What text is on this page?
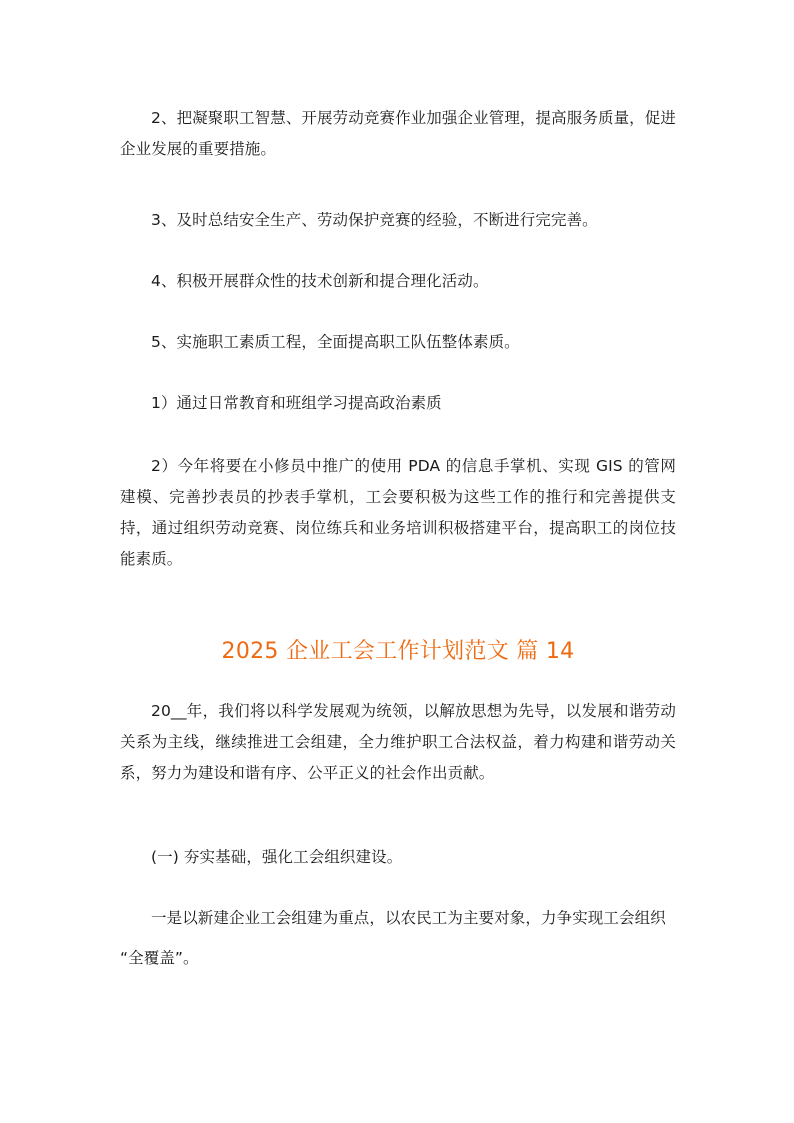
2、把凝聚职工智慧、开展劳动竞赛作业加强企业管理，提高服务质量，促进企业发展的重要措施。

3、及时总结安全生产、劳动保护竞赛的经验，不断进行完完善。

4、积极开展群众性的技术创新和提合理化活动。

5、实施职工素质工程，全面提高职工队伍整体素质。

1）通过日常教育和班组学习提高政治素质

2）今年将要在小修员中推广的使用 PDA 的信息手掌机、实现 GIS 的管网建模、完善抄表员的抄表手掌机，工会要积极为这些工作的推行和完善提供支持，通过组织劳动竞赛、岗位练兵和业务培训积极搭建平台，提高职工的岗位技能素质。

2025 企业工会工作计划范文 篇 14

20__年，我们将以科学发展观为统领，以解放思想为先导，以发展和谐劳动关系为主线，继续推进工会组建，全力维护职工合法权益，着力构建和谐劳动关系，努力为建设和谐有序、公平正义的社会作出贡献。

(一) 夯实基础，强化工会组织建设。

一是以新建企业工会组建为重点，以农民工为主要对象，力争实现工会组织

“全覆盖”。
